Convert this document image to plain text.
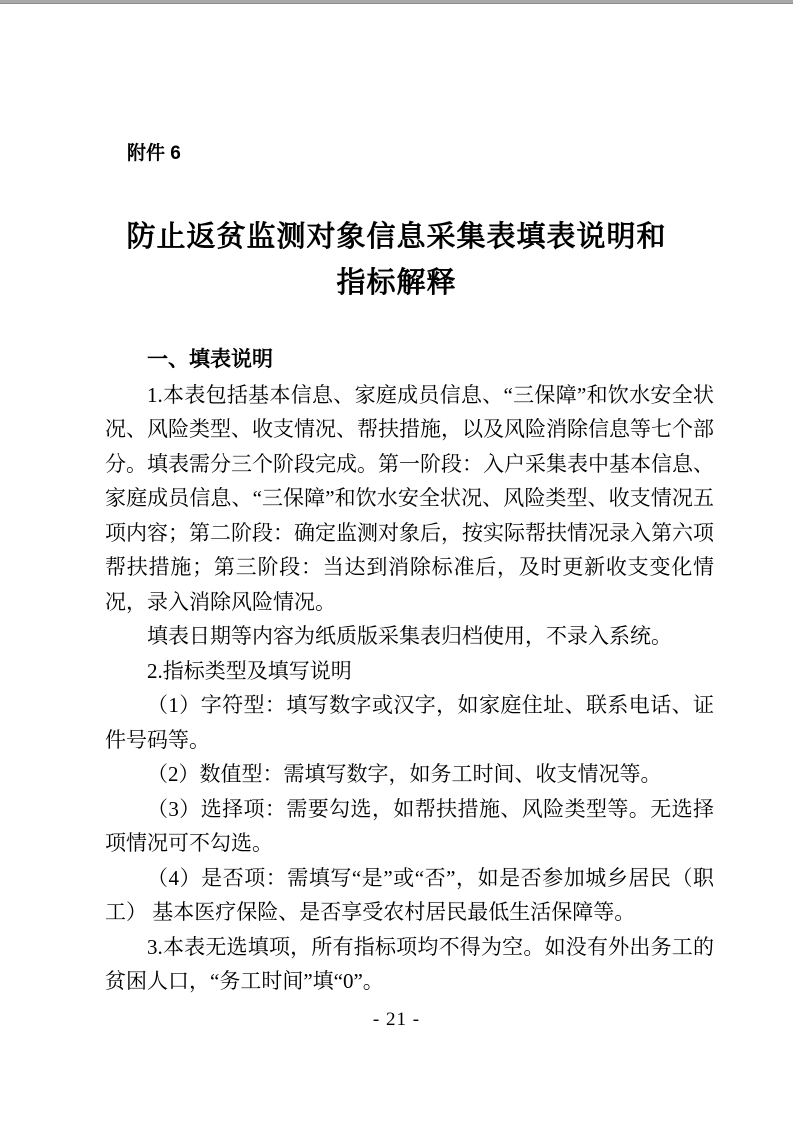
附件 6
防止返贫监测对象信息采集表填表说明和
指标解释

一、填表说明

1.本表包括基本信息、家庭成员信息、“三保障”和饮水安全状况、风险类型、收支情况、帮扶措施，以及风险消除信息等七个部分。填表需分三个阶段完成。第一阶段：入户采集表中基本信息、家庭成员信息、“三保障”和饮水安全状况、风险类型、收支情况五项内容；第二阶段：确定监测对象后，按实际帮扶情况录入第六项帮扶措施；第三阶段：当达到消除标准后，及时更新收支变化情况，录入消除风险情况。

填表日期等内容为纸质版采集表归档使用，不录入系统。

2.指标类型及填写说明

（1）字符型：填写数字或汉字，如家庭住址、联系电话、证件号码等。

（2）数值型：需填写数字，如务工时间、收支情况等。

（3）选择项：需要勾选，如帮扶措施、风险类型等。无选择项情况可不勾选。

（4）是否项：需填写“是”或“否”，如是否参加城乡居民（职工） 基本医疗保险、是否享受农村居民最低生活保障等。

3.本表无选填项，所有指标项均不得为空。如没有外出务工的贫困人口，“务工时间”填“0”。

- 21 -
